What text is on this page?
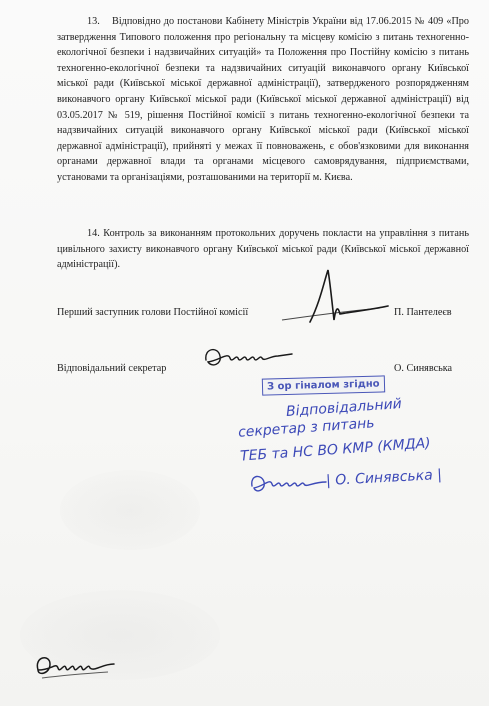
13.    Відповідно до постанови Кабінету Міністрів України від 17.06.2015 № 409 «Про затвердження Типового положення про регіональну та місцеву комісію з питань техногенно-екологічної безпеки і надзвичайних ситуацій» та Положення про Постійну комісію з питань техногенно-екологічної безпеки та надзвичайних ситуацій виконавчого органу Київської міської ради (Київської міської державної адміністрації), затвердженого розпорядженням виконавчого органу Київської міської ради (Київської міської державної адміністрації) від 03.05.2017 № 519, рішення Постійної комісії з питань техногенно-екологічної безпеки та надзвичайних ситуацій виконавчого органу Київської міської ради (Київської міської державної адміністрації), прийняті у межах її повноважень, є обов'язковими для виконання органами державної влади та органами місцевого самоврядування, підприємствами, установами та організаціями, розташованими на території м. Києва.

14. Контроль за виконанням протокольних доручень покласти на управління з питань цивільного захисту виконавчого органу Київської міської ради (Київської міської державної адміністрації).

Перший заступник голови Постійної комісії	П. Пантелеєв
Відповідальний секретар	О. Синявська
З ор гіналом згідно
Відповідальний
секретар з питань
ТЕБ та НС ВО КМР (КМДА)
| О. Синявська |
